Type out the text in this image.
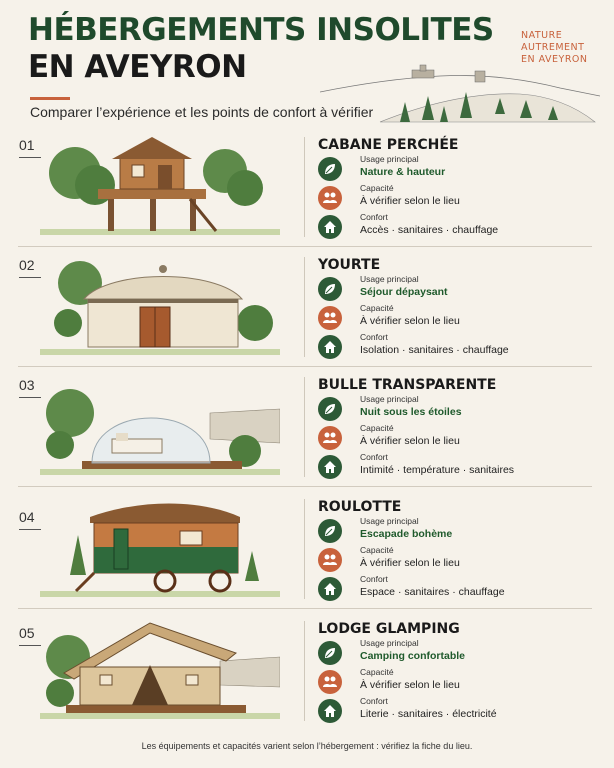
HÉBERGEMENTS INSOLITES
EN AVEYRON
Comparer l’expérience et les points de confort à vérifier
NATURE
AUTREMENT
EN AVEYRON
01	CABANE PERCHÉE
Usage principal
Nature & hauteur
Capacité
À vérifier selon le lieu
Confort
Accès · sanitaires · chauffage
02	YOURTE
Usage principal
Séjour dépaysant
Capacité
À vérifier selon le lieu
Confort
Isolation · sanitaires · chauffage
03	BULLE TRANSPARENTE
Usage principal
Nuit sous les étoiles
Capacité
À vérifier selon le lieu
Confort
Intimité · température · sanitaires
04
ROULOTTE
Usage principal
Escapade bohème
Capacité
À vérifier selon le lieu
Confort
Espace · sanitaires · chauffage
05	LODGE GLAMPING
Usage principal
Camping confortable
Capacité
À vérifier selon le lieu
Confort
Literie · sanitaires · électricité
Les équipements et capacités varient selon l’hébergement : vérifiez la fiche du lieu.
